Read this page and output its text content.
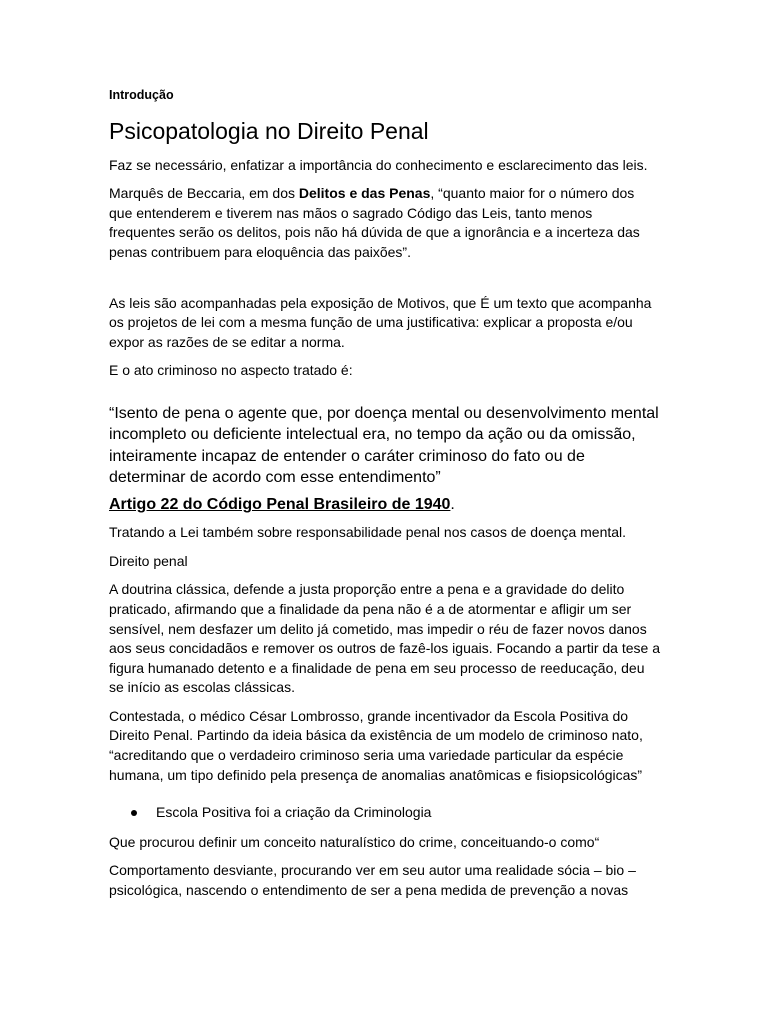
Introdução

Psicopatologia no Direito Penal

Faz se necessário, enfatizar a importância do conhecimento e esclarecimento das leis.

Marquês de Beccaria, em dos Delitos e das Penas, “quanto maior for o número dos que entenderem e tiverem nas mãos o sagrado Código das Leis, tanto menos frequentes serão os delitos, pois não há dúvida de que a ignorância e a incerteza das penas contribuem para eloquência das paixões”.

As leis são acompanhadas pela exposição de Motivos, que É um texto que acompanha os projetos de lei com a mesma função de uma justificativa: explicar a proposta e/ou expor as razões de se editar a norma.

E o ato criminoso no aspecto tratado é:

“Isento de pena o agente que, por doença mental ou desenvolvimento mental incompleto ou deficiente intelectual era, no tempo da ação ou da omissão, inteiramente incapaz de entender o caráter criminoso do fato ou de determinar de acordo com esse entendimento”

Artigo 22 do Código Penal Brasileiro de 1940.

Tratando a Lei também sobre responsabilidade penal nos casos de doença mental.

Direito penal

A doutrina clássica, defende a justa proporção entre a pena e a gravidade do delito praticado, afirmando que a finalidade da pena não é a de atormentar e afligir um ser sensível, nem desfazer um delito já cometido, mas impedir o réu de fazer novos danos aos seus concidadãos e remover os outros de fazê-los iguais. Focando a partir da tese a figura humanado detento e a finalidade de pena em seu processo de reeducação, deu se início as escolas clássicas.

Contestada, o médico César Lombrosso, grande incentivador da Escola Positiva do Direito Penal. Partindo da ideia básica da existência de um modelo de criminoso nato, “acreditando que o verdadeiro criminoso seria uma variedade particular da espécie humana, um tipo definido pela presença de anomalias anatômicas e fisiopsicológicas”

Escola Positiva foi a criação da Criminologia

Que procurou definir um conceito naturalístico do crime, conceituando-o como“

Comportamento desviante, procurando ver em seu autor uma realidade sócia – bio – psicológica, nascendo o entendimento de ser a pena medida de prevenção a novas
